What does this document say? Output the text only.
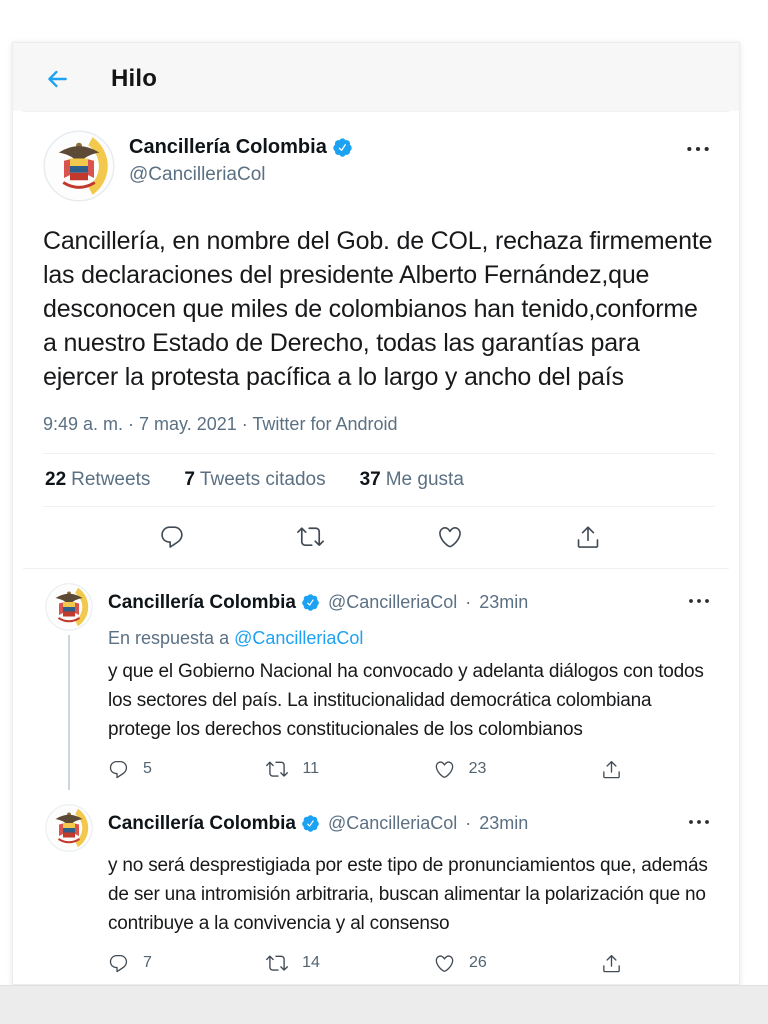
Hilo
Cancillería Colombia
@CancilleriaCol
Cancillería, en nombre del Gob. de COL, rechaza firmemente las declaraciones del presidente Alberto Fernández,que desconocen que miles de colombianos han tenido,conforme a nuestro Estado de Derecho, todas las garantías para ejercer la protesta pacífica a lo largo y ancho del país
9:49 a. m. · 7 may. 2021 · Twitter for Android
22 Retweets 7 Tweets citados 37 Me gusta
Cancillería Colombia @CancilleriaCol · 23min
En respuesta a @CancilleriaCol
y que el Gobierno Nacional ha convocado y adelanta diálogos con todos los sectores del país. La institucionalidad democrática colombiana protege los derechos constitucionales de los colombianos
5	11	23
Cancillería Colombia @CancilleriaCol · 23min
y no será desprestigiada por este tipo de pronunciamientos que, además de ser una intromisión arbitraria, buscan alimentar la polarización que no contribuye a la convivencia y al consenso
7	14	26
